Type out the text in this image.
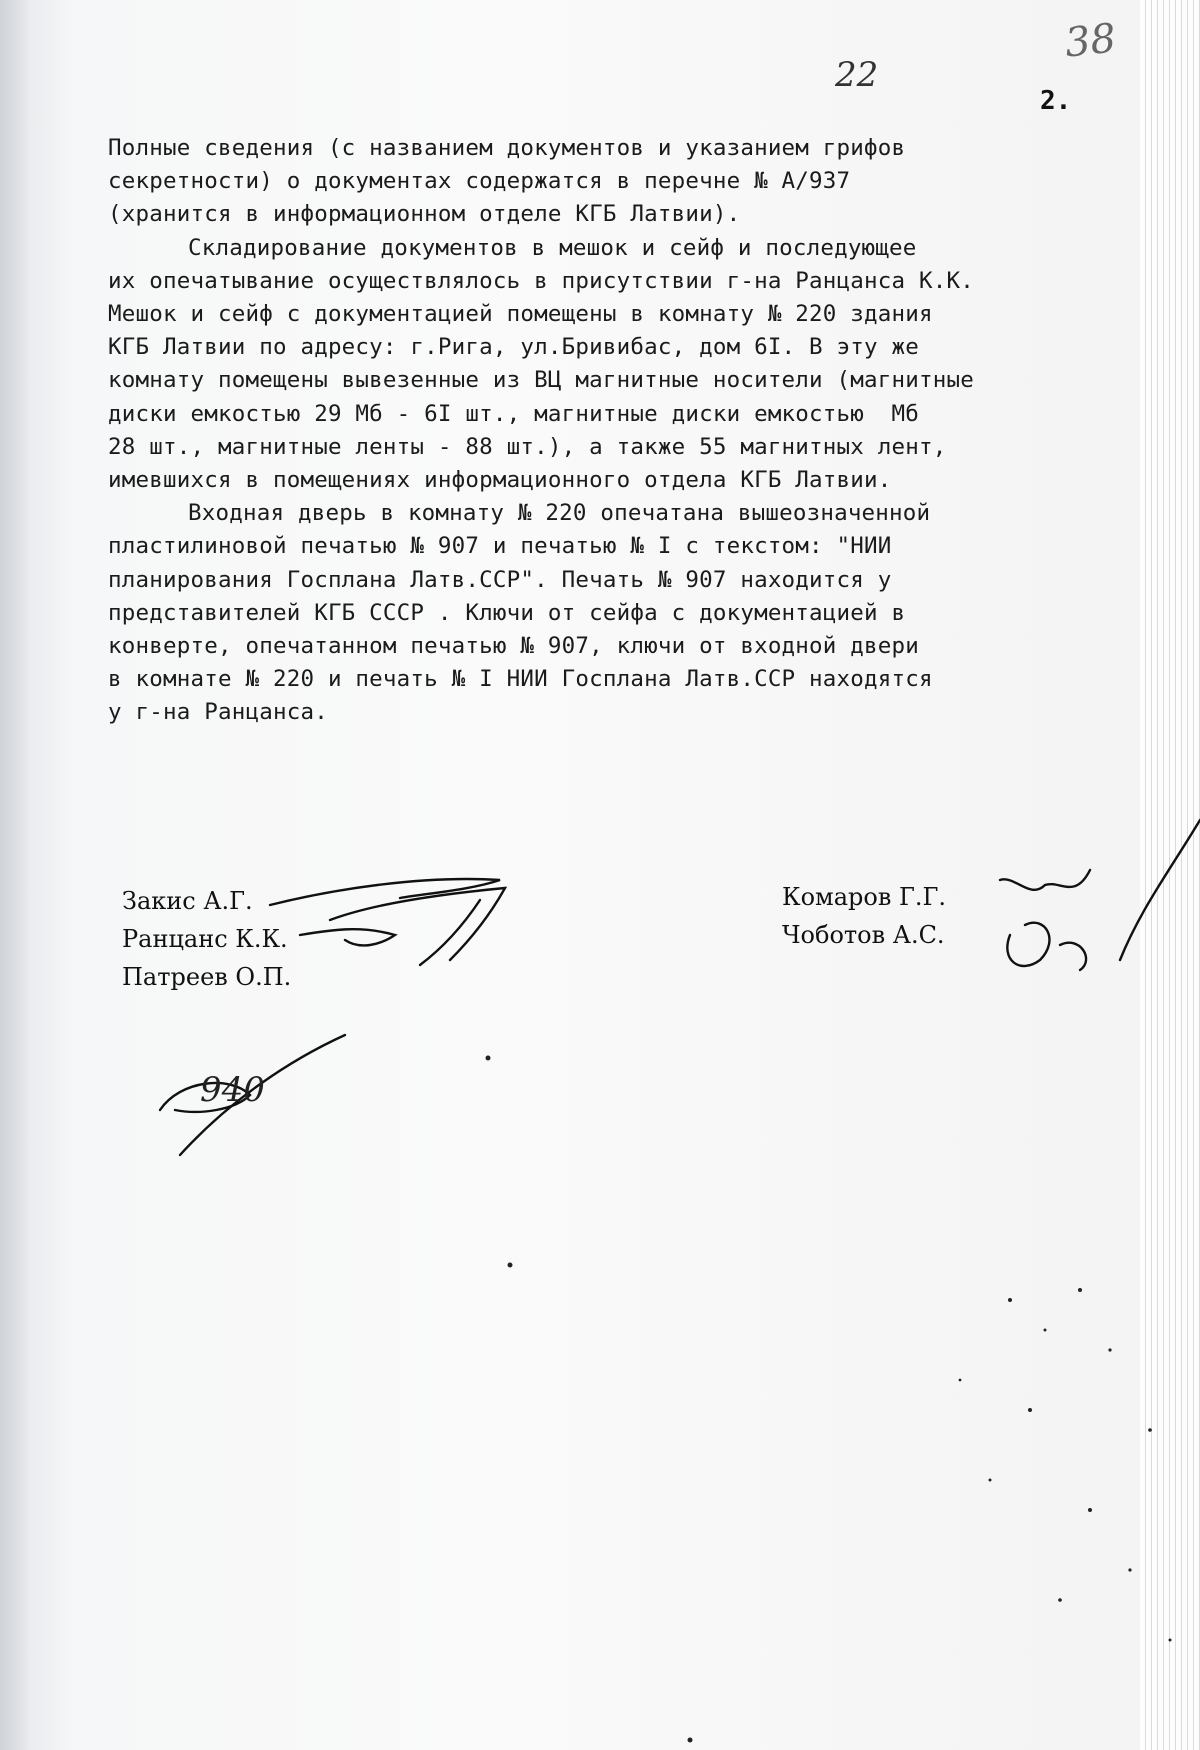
38
22
2.
Полные сведения (с названием документов и указанием грифов
секретности) о документах содержатся в перечне № А/937
(хранится в информационном отделе КГБ Латвии).
Складирование документов в мешок и сейф и последующее
их опечатывание осуществлялось в присутствии г-на Ранцанса К.К.
Мешок и сейф с документацией помещены в комнату № 220 здания
КГБ Латвии по адресу: г.Рига, ул.Бривибас, дом 6I. В эту же
комнату помещены вывезенные из ВЦ магнитные носители (магнитные
диски емкостью 29 Мб - 6I шт., магнитные диски емкостью  Мб
28 шт., магнитные ленты - 88 шт.), а также 55 магнитных лент,
имевшихся в помещениях информационного отдела КГБ Латвии.
Входная дверь в комнату № 220 опечатана вышеозначенной
пластилиновой печатью № 907 и печатью № I с текстом: "НИИ
планирования Госплана Латв.ССР". Печать № 907 находится у
представителей КГБ СССР . Ключи от сейфа с документацией в
конверте, опечатанном печатью № 907, ключи от входной двери
в комнате № 220 и печать № I НИИ Госплана Латв.ССР находятся
у г-на Ранцанса.
Закис А.Г.
Ранцанс К.К.
Патреев О.П.
Комаров Г.Г.
Чоботов А.С.
940
